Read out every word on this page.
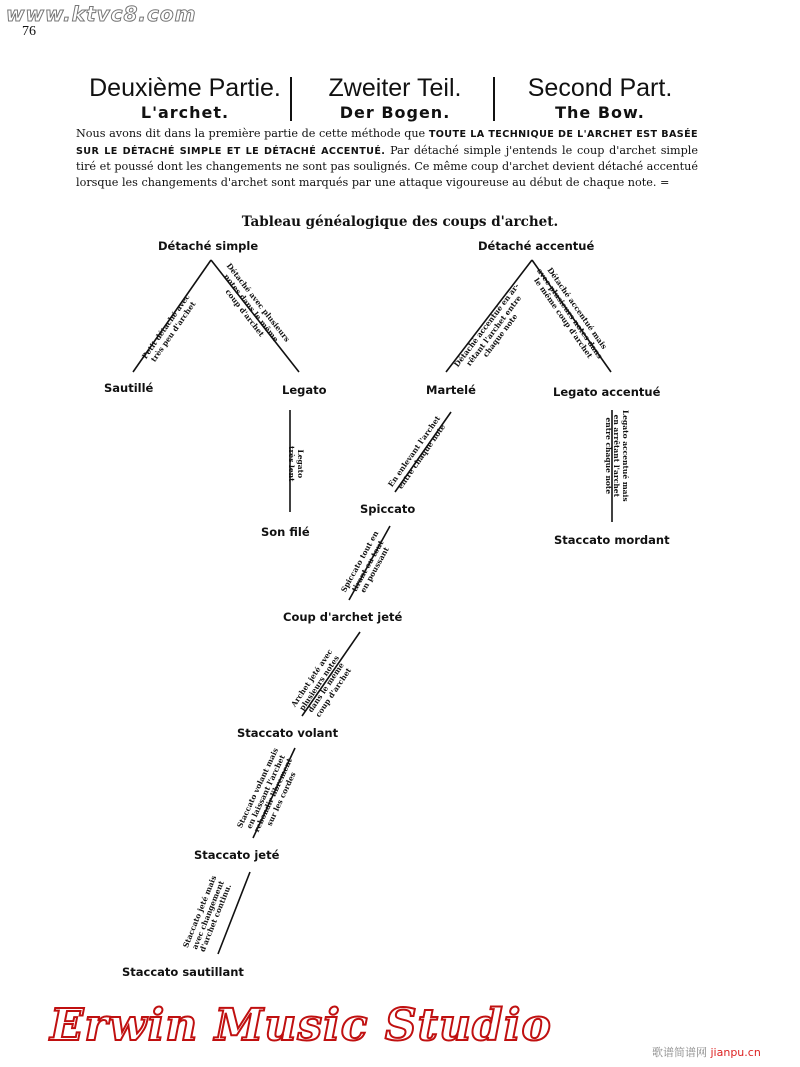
www.ktvc8.com
76
Deuxième Partie.
L'archet.
Zweiter Teil.
Der Bogen.
Second Part.
The Bow.
Nous avons dit dans la première partie de cette méthode que TOUTE LA TECHNIQUE DE L'ARCHET EST BASÉE SUR LE DÉTACHÉ SIMPLE ET LE DÉTACHÉ ACCENTUÉ. Par détaché simple j'entends le coup d'archet simple tiré et poussé dont les changements ne sont pas soulignés. Ce même coup d'archet devient détaché accentué lorsque les changements d'archet sont marqués par une attaque vigoureuse au début de chaque note. =
Tableau généalogique des coups d'archet.
Détaché simple	Détaché accentué
Sautillé	Legato	Martelé	Legato accentué
Son filé
Spiccato
Staccato mordant
Coup d'archet jeté
Staccato volant
Staccato jeté
Staccato sautillant
Petit détaché avec
très peu d'archet	Détaché avec plusieurs
notes dans le même
coup d'archet	Détaché accentué en ar-
rêtant l'archet entre
chaque note	Détaché accentué mais
avec plusieurs notes dans
le même coup d'archet
Legato
très lent
Legato accentué mais
en arrêtant l'archet
entre chaque note
En enlevant l'archet
entre chaque note
Spiccato tout en
tirant ou tout
en poussant
Archet jeté avec
plusieurs notes
dans le même
coup d'archet
Staccato volant mais
en laissant l'archet
rebondir librement
sur les cordes
Staccato jeté mais
avec changement
d'archet continu.
Erwin Music Studio
歌谱简谱网 jianpu.cn
